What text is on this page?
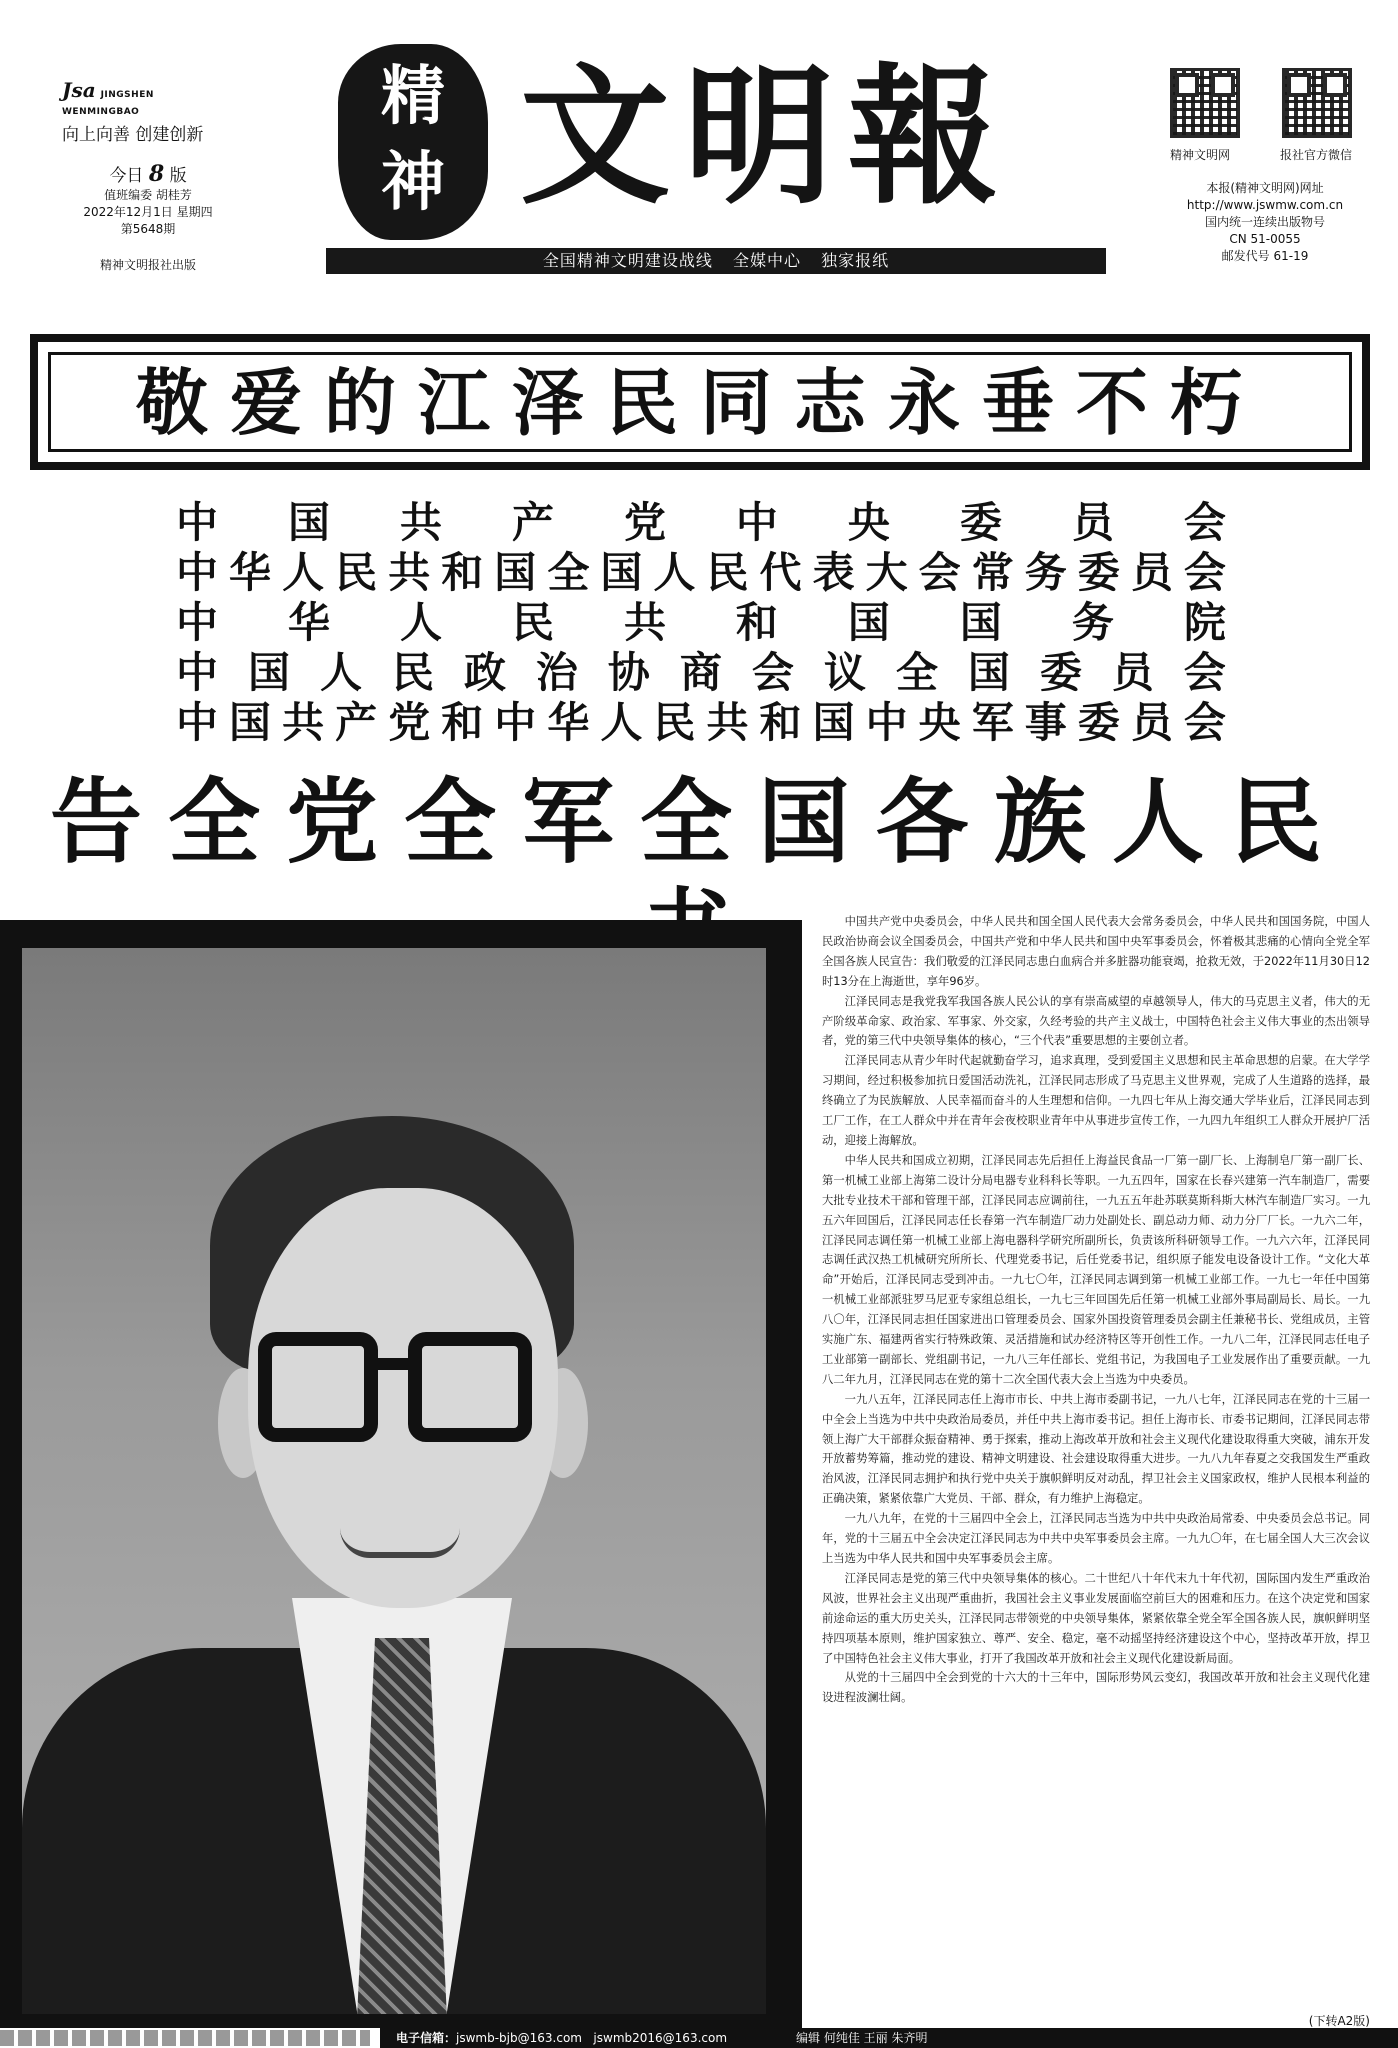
Jsa JINGSHEN WENMINGBAO
向上向善 创建创新
今日 8 版
值班编委 胡桂芳
2022年12月1日 星期四
第5648期
精神文明报社出版
精
神 文明報
全国精神文明建设战线 全媒中心 独家报纸
精神文明网	报社官方微信
本报(精神文明网)网址
http://www.jswmw.com.cn
国内统一连续出版物号
CN 51-0055
邮发代号 61-19
敬爱的江泽民同志永垂不朽
中 国 共 产 党 中 央 委 员 会
中 华 人 民 共 和 国 全 国 人 民 代 表 大 会 常 务 委 员 会
中 华 人 民 共 和 国 国 务 院
中 国 人 民 政 治 协 商 会 议 全 国 委 员 会
中 国 共 产 党 和 中 华 人 民 共 和 国 中 央 军 事 委 员 会
告全党全军全国各族人民

中国共产党中央委员会，中华人民共和国全国人民代表大会常务委员会，中华人民共和国国务院，中国人民政治协商会议全国委员会，中国共产党和中华人民共和国中央军事委员会，怀着极其悲痛的心情向全党全军全国各族人民宣告：我们敬爱的江泽民同志患白血病合并多脏器功能衰竭，抢救无效，于2022年11月30日12时13分在上海逝世，享年96岁。

江泽民同志是我党我军我国各族人民公认的享有崇高威望的卓越领导人，伟大的马克思主义者，伟大的无产阶级革命家、政治家、军事家、外交家，久经考验的共产主义战士，中国特色社会主义伟大事业的杰出领导者，党的第三代中央领导集体的核心，“三个代表”重要思想的主要创立者。

江泽民同志从青少年时代起就勤奋学习，追求真理，受到爱国主义思想和民主革命思想的启蒙。在大学学习期间，经过积极参加抗日爱国活动洗礼，江泽民同志形成了马克思主义世界观，完成了人生道路的选择，最终确立了为民族解放、人民幸福而奋斗的人生理想和信仰。一九四七年从上海交通大学毕业后，江泽民同志到工厂工作，在工人群众中并在青年会夜校职业青年中从事进步宣传工作，一九四九年组织工人群众开展护厂活动，迎接上海解放。

中华人民共和国成立初期，江泽民同志先后担任上海益民食品一厂第一副厂长、上海制皂厂第一副厂长、第一机械工业部上海第二设计分局电器专业科科长等职。一九五四年，国家在长春兴建第一汽车制造厂，需要大批专业技术干部和管理干部，江泽民同志应调前往，一九五五年赴苏联莫斯科斯大林汽车制造厂实习。一九五六年回国后，江泽民同志任长春第一汽车制造厂动力处副处长、副总动力师、动力分厂厂长。一九六二年，江泽民同志调任第一机械工业部上海电器科学研究所副所长，负责该所科研领导工作。一九六六年，江泽民同志调任武汉热工机械研究所所长、代理党委书记，后任党委书记，组织原子能发电设备设计工作。“文化大革命”开始后，江泽民同志受到冲击。一九七〇年，江泽民同志调到第一机械工业部工作。一九七一年任中国第一机械工业部派驻罗马尼亚专家组总组长，一九七三年回国先后任第一机械工业部外事局副局长、局长。一九八〇年，江泽民同志担任国家进出口管理委员会、国家外国投资管理委员会副主任兼秘书长、党组成员，主管实施广东、福建两省实行特殊政策、灵活措施和试办经济特区等开创性工作。一九八二年，江泽民同志任电子工业部第一副部长、党组副书记，一九八三年任部长、党组书记，为我国电子工业发展作出了重要贡献。一九八二年九月，江泽民同志在党的第十二次全国代表大会上当选为中央委员。

一九八五年，江泽民同志任上海市市长、中共上海市委副书记，一九八七年，江泽民同志在党的十三届一中全会上当选为中共中央政治局委员，并任中共上海市委书记。担任上海市长、市委书记期间，江泽民同志带领上海广大干部群众振奋精神、勇于探索，推动上海改革开放和社会主义现代化建设取得重大突破，浦东开发开放蓄势筹篇，推动党的建设、精神文明建设、社会建设取得重大进步。一九八九年春夏之交我国发生严重政治风波，江泽民同志拥护和执行党中央关于旗帜鲜明反对动乱，捍卫社会主义国家政权，维护人民根本利益的正确决策，紧紧依靠广大党员、干部、群众，有力维护上海稳定。

一九八九年，在党的十三届四中全会上，江泽民同志当选为中共中央政治局常委、中央委员会总书记。同年，党的十三届五中全会决定江泽民同志为中共中央军事委员会主席。一九九〇年，在七届全国人大三次会议上当选为中华人民共和国中央军事委员会主席。

江泽民同志是党的第三代中央领导集体的核心。二十世纪八十年代末九十年代初，国际国内发生严重政治风波，世界社会主义出现严重曲折，我国社会主义事业发展面临空前巨大的困难和压力。在这个决定党和国家前途命运的重大历史关头，江泽民同志带领党的中央领导集体，紧紧依靠全党全军全国各族人民，旗帜鲜明坚持四项基本原则，维护国家独立、尊严、安全、稳定，毫不动摇坚持经济建设这个中心，坚持改革开放，捍卫了中国特色社会主义伟大事业，打开了我国改革开放和社会主义现代化建设新局面。

从党的十三届四中全会到党的十六大的十三年中，国际形势风云变幻，我国改革开放和社会主义现代化建设进程波澜壮阔。

(下转A2版)
电子信箱：jswmb-bjb@163.com jswmb2016@163.com	编辑 何纯佳 王丽 朱齐明
